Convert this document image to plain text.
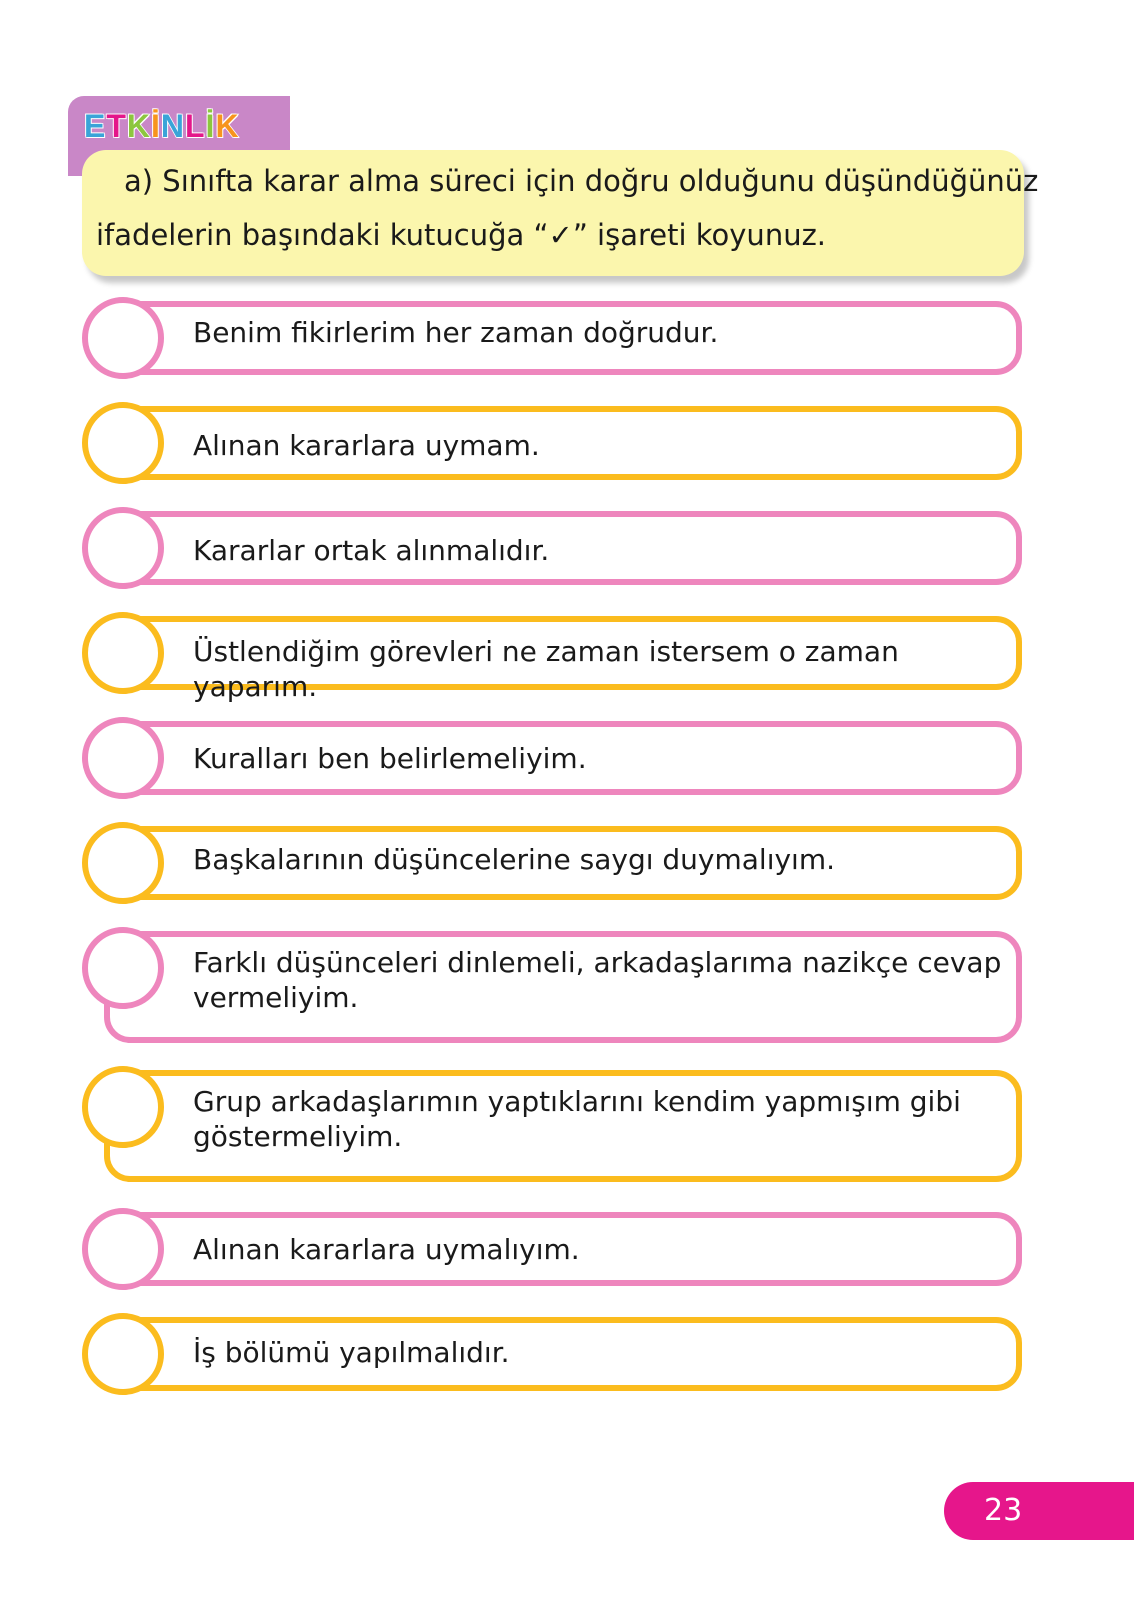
E T K İ N L İ K
a) Sınıfta karar alma süreci için doğru olduğunu düşündüğünüz
ifadelerin başındaki kutucuğa “✓” işareti koyunuz.
Benim fikirlerim her zaman doğrudur.
Alınan kararlara uymam.
Kararlar ortak alınmalıdır.
Üstlendiğim görevleri ne zaman istersem o zaman yaparım.
Kuralları ben belirlemeliyim.
Başkalarının düşüncelerine saygı duymalıyım.
Farklı düşünceleri dinlemeli, arkadaşlarıma nazikçe cevap
vermeliyim.
Grup arkadaşlarımın yaptıklarını kendim yapmışım gibi
göstermeliyim.
Alınan kararlara uymalıyım.
İş bölümü yapılmalıdır.
23
